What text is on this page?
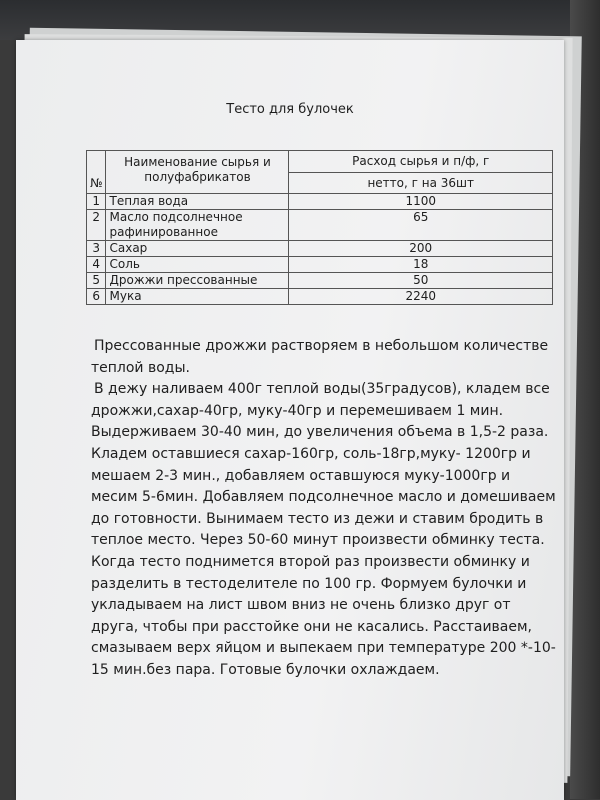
Тесто для булочек
№	Наименование сырья и полуфабрикатов	Расход сырья и п/ф, г
		нетто, г на 36шт
1	Теплая вода	1100
2	Масло подсолнечное рафинированное	65
3	Сахар	200
4	Соль	18
5	Дрожжи прессованные	50
6	Мука	2240

Прессованные дрожжи растворяем в небольшом количестве теплой воды.

В дежу наливаем 400г теплой воды(35градусов), кладем все дрожжи,сахар-40гр, муку-40гр и перемешиваем 1 мин. Выдерживаем 30-40 мин, до увеличения объема в 1,5-2 раза. Кладем оставшиеся сахар-160гр, соль-18гр,муку- 1200гр и мешаем 2-3 мин., добавляем оставшуюся муку-1000гр и месим 5-6мин. Добавляем подсолнечное масло и домешиваем до готовности. Вынимаем тесто из дежи и ставим бродить в теплое место. Через 50-60 минут произвести обминку теста. Когда тесто поднимется второй раз произвести обминку и разделить в тестоделителе по 100 гр. Формуем булочки и укладываем на лист швом вниз не очень близко друг от друга, чтобы при расстойке они не касались. Расстаиваем, смазываем верх яйцом и выпекаем при температуре 200 *-10-15 мин.без пара. Готовые булочки охлаждаем.
